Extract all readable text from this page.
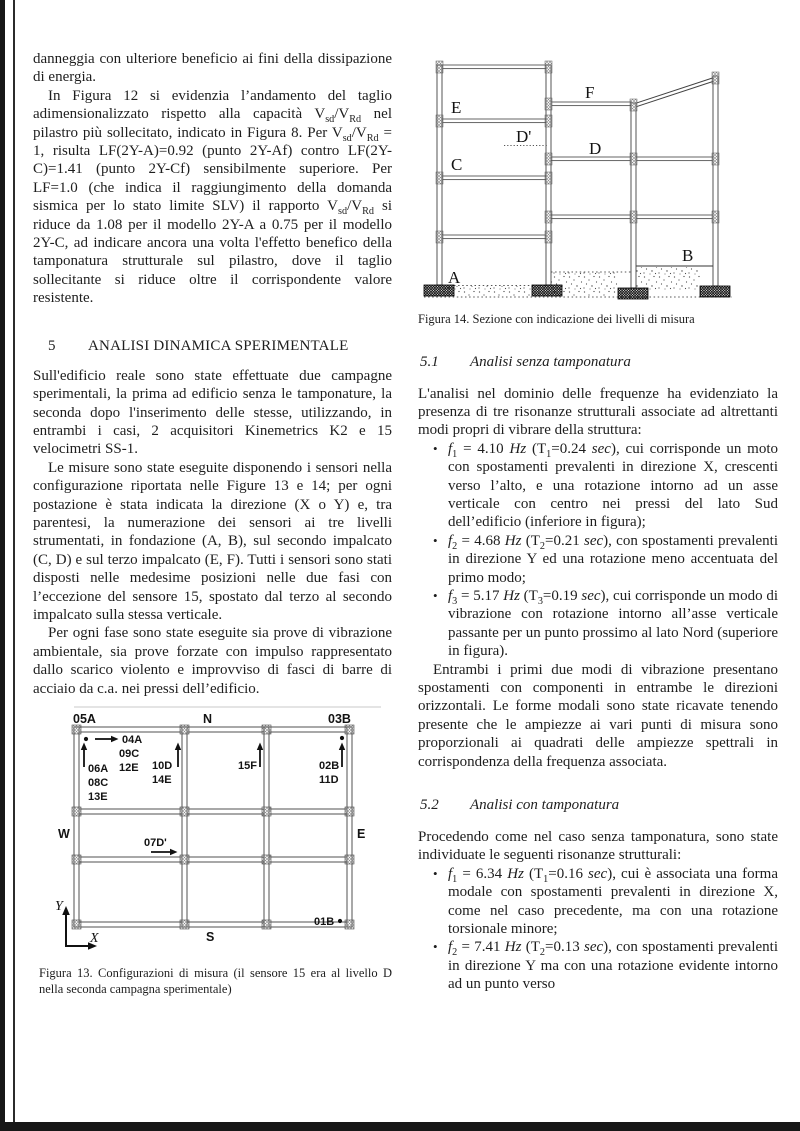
danneggia con ulteriore beneficio ai fini della dissipazione di energia.

In Figura 12 si evidenzia l’andamento del taglio adimensionalizzato rispetto alla capacità $V_{sd}/V_{Rd}$ nel pilastro più sollecitato, indicato in Figura 8. Per $V_{sd}/V_{Rd} = 1$, risulta LF(2Y-A)=0.92 (punto 2Y-Af) contro LF(2Y-C)=1.41 (punto 2Y-Cf) sensibilmente superiore. Per LF=1.0 (che indica il raggiungimento della domanda sismica per lo stato limite SLV) il rapporto $V_{sd}/V_{Rd}$ si riduce da 1.08 per il modello 2Y-A a 0.75 per il modello 2Y-C, ad indicare ancora una volta l'effetto benefico della tamponatura strutturale sul pilastro, dove il taglio sollecitante si riduce oltre il corrispondente valore resistente.

5	ANALISI DINAMICA SPERIMENTALE

Sull'edificio reale sono state effettuate due campagne sperimentali, la prima ad edificio senza le tamponature, la seconda dopo l'inserimento delle stesse, utilizzando, in entrambi i casi, 2 acquisitori Kinemetrics K2 e 15 velocimetri SS-1.

Le misure sono state eseguite disponendo i sensori nella configurazione riportata nelle Figure 13 e 14; per ogni postazione è stata indicata la direzione (X o Y) e, tra parentesi, la numerazione dei sensori ai tre livelli strumentati, in fondazione (A, B), sul secondo impalcato (C, D) e sul terzo impalcato (E, F). Tutti i sensori sono stati disposti nelle medesime posizioni nelle due fasi con l’eccezione del sensore 15, spostato dal terzo al secondo impalcato sulla stessa verticale.

Per ogni fase sono state eseguite sia prove di vibrazione ambientale, sia prove forzate con impulso rappresentato dallo scarico violento e improvviso di fasci di barre di acciaio da c.a. nei pressi dell’edificio.

04A
09C
12E
06A
08C
13E
10D
14E
15F	02B
11D
07D'
01B
05A	N	03B
W	E
S
Y
X
Figura 13. Configurazioni di misura (il sensore 15 era al livello D nella seconda campagna sperimentale)
E
D'
C
A
F
D
B
Figura 14. Sezione con indicazione dei livelli di misura
5.1	Analisi senza tamponatura

L'analisi nel dominio delle frequenze ha evidenziato la presenza di tre risonanze strutturali associate ad altrettanti modi propri di vibrare della struttura:

• $f_1 = 4.10$ Hz ($T_1=0.24$ sec), cui corrisponde un moto con spostamenti prevalenti in direzione X, crescenti verso l’alto, e una rotazione intorno ad un asse verticale con centro nei pressi del lato Sud dell’edificio (inferiore in figura);
• $f_2 = 4.68$ Hz ($T_2=0.21$ sec), con spostamenti prevalenti in direzione Y ed una rotazione meno accentuata del primo modo;
• $f_3 = 5.17$ Hz ($T_3=0.19$ sec), cui corrisponde un modo di vibrazione con rotazione intorno all’asse verticale passante per un punto prossimo al lato Nord (superiore in figura).

Entrambi i primi due modi di vibrazione presentano spostamenti con componenti in entrambe le direzioni orizzontali. Le forme modali sono state ricavate tenendo presente che le ampiezze ai vari punti di misura sono proporzionali ai quadrati delle ampiezze spettrali in corrispondenza della frequenza associata.

5.2	Analisi con tamponatura

Procedendo come nel caso senza tamponatura, sono state individuate le seguenti risonanze strutturali:

• $f_1 = 6.34$ Hz ($T_1=0.16$ sec), cui è associata una forma modale con spostamenti prevalenti in direzione X, come nel caso precedente, ma con una rotazione torsionale minore;
• $f_2 = 7.41$ Hz ($T_2=0.13$ sec), con spostamenti prevalenti in direzione Y ma con una rotazione evidente intorno ad un punto verso
